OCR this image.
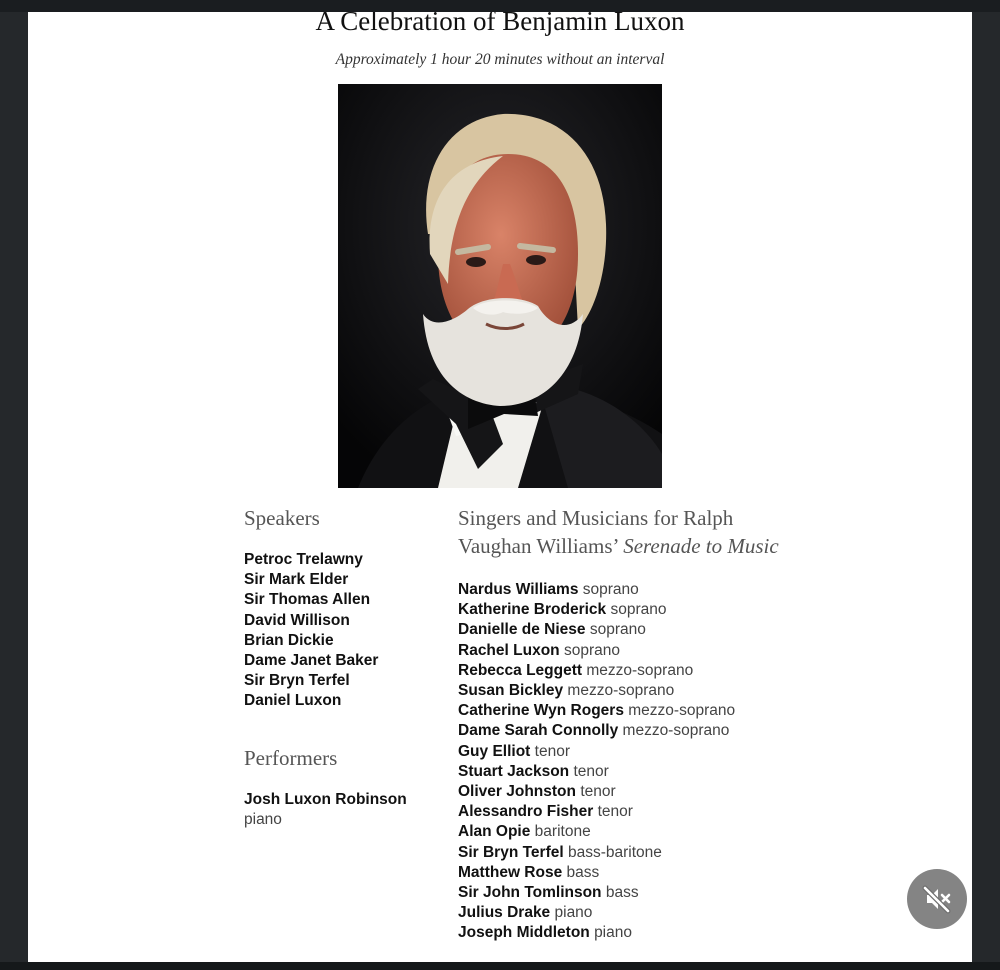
A Celebration of Benjamin Luxon
Approximately 1 hour 20 minutes without an interval
Speakers
Petroc Trelawny
Sir Mark Elder
Sir Thomas Allen
David Willison
Brian Dickie
Dame Janet Baker
Sir Bryn Terfel
Daniel Luxon
Performers
Josh Luxon Robinson
piano
Singers and Musicians for Ralph Vaughan Williams’ Serenade to Music
Nardus Williams soprano
Katherine Broderick soprano
Danielle de Niese soprano
Rachel Luxon soprano
Rebecca Leggett mezzo-soprano
Susan Bickley mezzo-soprano
Catherine Wyn Rogers mezzo-soprano
Dame Sarah Connolly mezzo-soprano
Guy Elliot tenor
Stuart Jackson tenor
Oliver Johnston tenor
Alessandro Fisher tenor
Alan Opie baritone
Sir Bryn Terfel bass-baritone
Matthew Rose bass
Sir John Tomlinson bass
Julius Drake piano
Joseph Middleton piano
